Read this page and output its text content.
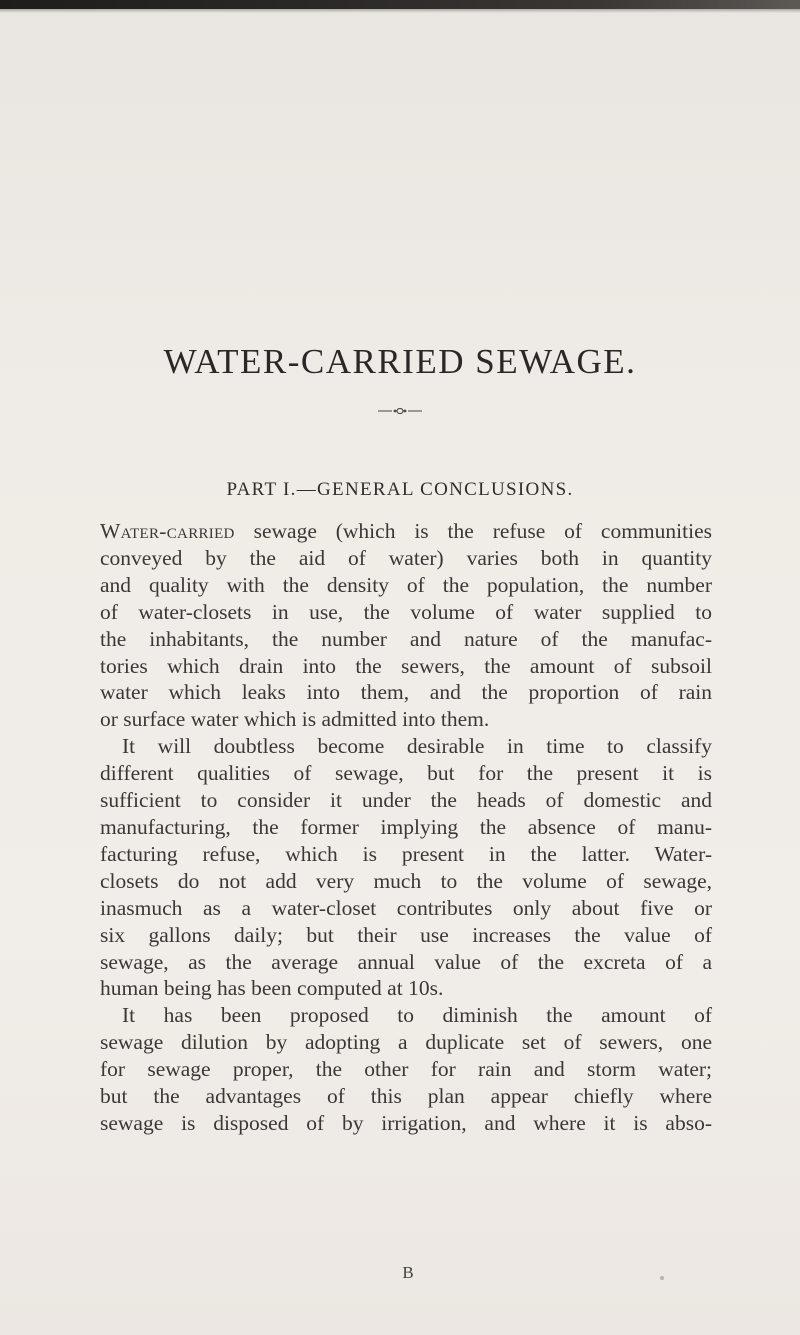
WATER-CARRIED SEWAGE.
PART I.—GENERAL CONCLUSIONS.
Water-carried sewage (which is the refuse of communities
conveyed by the aid of water) varies both in quantity
and quality with the density of the population, the number
of water-closets in use, the volume of water supplied to
the inhabitants, the number and nature of the manufac-
tories which drain into the sewers, the amount of subsoil
water which leaks into them, and the proportion of rain
or surface water which is admitted into them.
It will doubtless become desirable in time to classify
different qualities of sewage, but for the present it is
sufficient to consider it under the heads of domestic and
manufacturing, the former implying the absence of manu-
facturing refuse, which is present in the latter. Water-
closets do not add very much to the volume of sewage,
inasmuch as a water-closet contributes only about five or
six gallons daily; but their use increases the value of
sewage, as the average annual value of the excreta of a
human being has been computed at 10s.
It has been proposed to diminish the amount of
sewage dilution by adopting a duplicate set of sewers, one
for sewage proper, the other for rain and storm water;
but the advantages of this plan appear chiefly where
sewage is disposed of by irrigation, and where it is abso-
B
